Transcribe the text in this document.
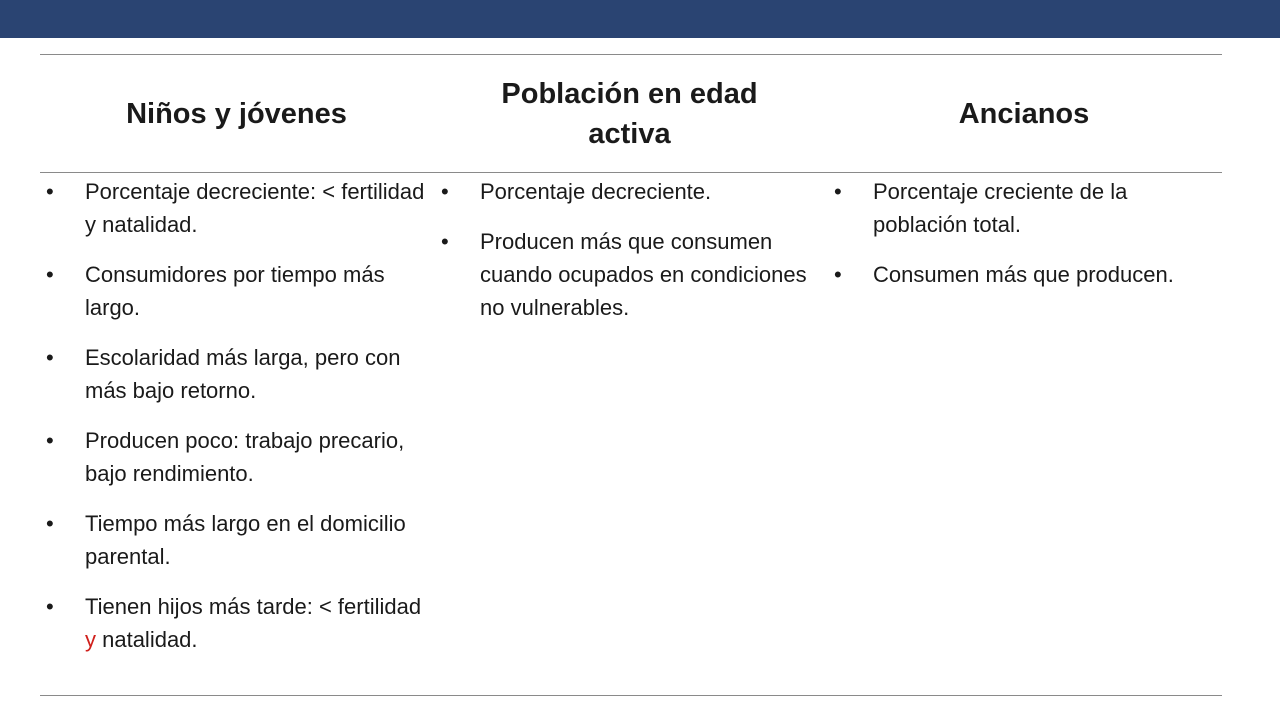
Niños y jóvenes
Población en edad activa
Ancianos
• Porcentaje decreciente: < fertilidad y natalidad.
• Consumidores por tiempo más largo.
• Escolaridad más larga, pero con más bajo retorno.
• Producen poco: trabajo precario, bajo rendimiento.
• Tiempo más largo en el domicilio parental.
• Tienen hijos más tarde: < fertilidad y natalidad.
• Porcentaje decreciente.
• Producen más que consumen cuando ocupados en condiciones no vulnerables.
• Porcentaje creciente de la población total.
• Consumen más que producen.
